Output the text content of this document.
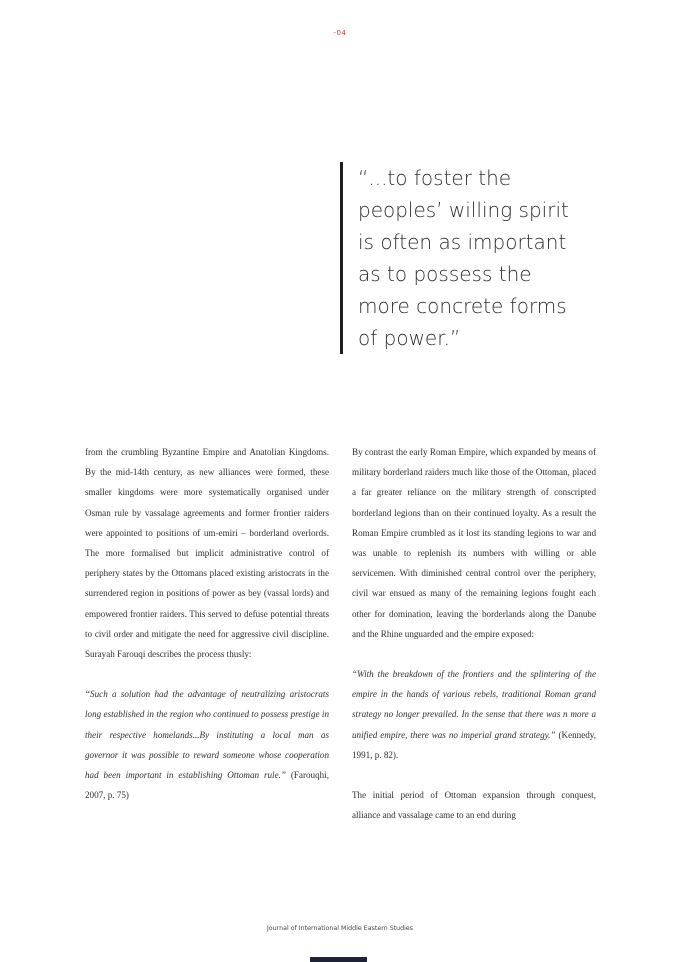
-04
“...to foster the
peoples’ willing spirit
is often as important
as to possess the
more concrete forms
of power.”

from the crumbling Byzantine Empire and Anatolian Kingdoms. By the mid-14th century, as new alliances were formed, these smaller kingdoms were more systematically organised under Osman rule by vassalage agreements and former frontier raiders were appointed to positions of um-emiri – borderland overlords. The more formalised but implicit administrative control of periphery states by the Ottomans placed existing aristocrats in the surrendered region in positions of power as bey (vassal lords) and empowered frontier raiders. This served to defuse potential threats to civil order and mitigate the need for aggressive civil discipline. Surayah Farouqi describes the process thusly:

“Such a solution had the advantage of neutralizing aristocrats long established in the region who continued to possess prestige in their respective homelands...By instituting a local man as governor it was possible to reward someone whose cooperation had been important in establishing Ottoman rule.” (Farouqhi, 2007, p. 75)

By contrast the early Roman Empire, which expanded by means of military borderland raiders much like those of the Ottoman, placed a far greater reliance on the military strength of conscripted borderland legions than on their continued loyalty. As a result the Roman Empire crumbled as it lost its standing legions to war and was unable to replenish its numbers with willing or able servicemen. With diminished central control over the periphery, civil war ensued as many of the remaining legions fought each other for domination, leaving the borderlands along the Danube and the Rhine unguarded and the empire exposed:

“With the breakdown of the frontiers and the splintering of the empire in the hands of various rebels, traditional Roman grand strategy no longer prevailed. In the sense that there was n more a unified empire, there was no imperial grand strategy.” (Kennedy, 1991, p. 82).

The initial period of Ottoman expansion through conquest, alliance and vassalage came to an end during

Journal of International Middle Eastern Studies
